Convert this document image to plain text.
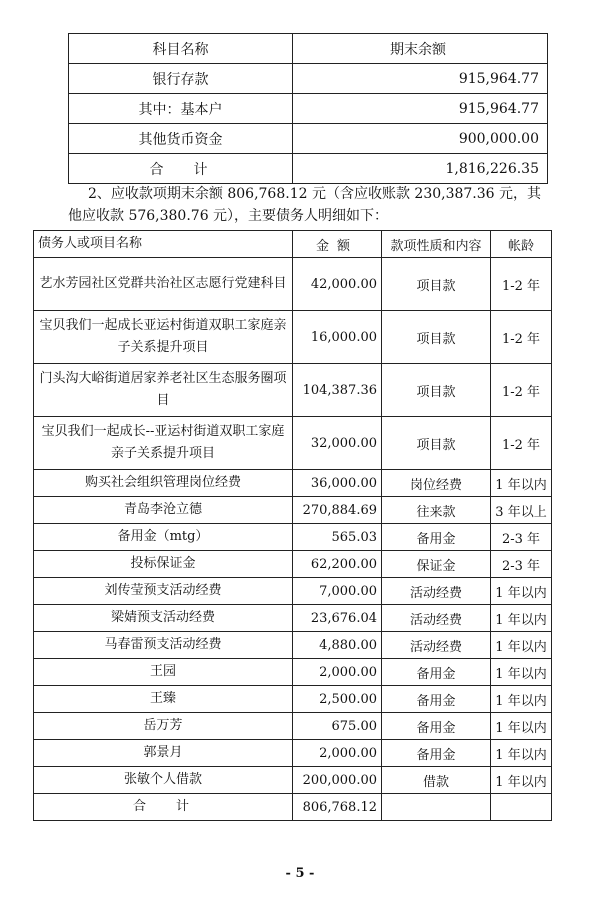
科目名称	期末余额
银行存款	915,964.77
其中：基本户	915,964.77
其他货币资金	900,000.00
合计	1,816,226.35

2、应收款项期末余额 806,768.12 元（含应收账款 230,387.36 元，其他应收款 576,380.76 元），主要债务人明细如下：

债务人或项目名称	金额	款项性质和内容	帐龄
艺水芳园社区党群共治社区志愿行党建科目	42,000.00	项目款	1-2 年
宝贝我们一起成长亚运村街道双职工家庭亲子关系提升项目	16,000.00	项目款	1-2 年
门头沟大峪街道居家养老社区生态服务圈项目	104,387.36	项目款	1-2 年
宝贝我们一起成长--亚运村街道双职工家庭亲子关系提升项目	32,000.00	项目款	1-2 年
购买社会组织管理岗位经费	36,000.00	岗位经费	1 年以内
青岛李沧立德	270,884.69	往来款	3 年以上
备用金（mtg）	565.03	备用金	2-3 年
投标保证金	62,200.00	保证金	2-3 年
刘传莹预支活动经费	7,000.00	活动经费	1 年以内
梁婧预支活动经费	23,676.04	活动经费	1 年以内
马春雷预支活动经费	4,880.00	活动经费	1 年以内
王园	2,000.00	备用金	1 年以内
王臻	2,500.00	备用金	1 年以内
岳万芳	675.00	备用金	1 年以内
郭景月	2,000.00	备用金	1 年以内
张敏个人借款	200,000.00	借款	1 年以内
合计	806,768.12		
- 5 -
